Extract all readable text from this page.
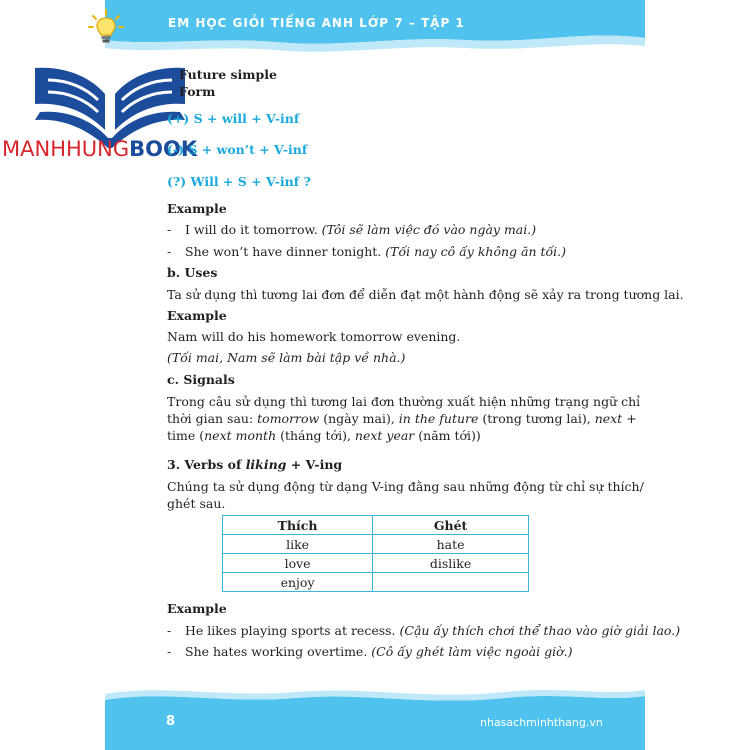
EM HỌC GIỎI TIẾNG ANH LỚP 7 – TẬP 1
MANHHUNGBOOK
Future simple
Form
(+) S + will + V-inf
(-) S + won’t + V-inf
(?) Will + S + V-inf ?
Example
- I will do it tomorrow. (Tôi sẽ làm việc đó vào ngày mai.)
- She won’t have dinner tonight. (Tối nay cô ấy không ăn tối.)
b. Uses
Ta sử dụng thì tương lai đơn để diễn đạt một hành động sẽ xảy ra trong tương lai.
Example
Nam will do his homework tomorrow evening.
(Tối mai, Nam sẽ làm bài tập về nhà.)
c. Signals
Trong câu sử dụng thì tương lai đơn thường xuất hiện những trạng ngữ chỉ
thời gian sau: tomorrow (ngày mai), in the future (trong tương lai), next +
time (next month (tháng tới), next year (năm tới))
3. Verbs of liking + V-ing
Chúng ta sử dụng động từ dạng V-ing đằng sau những động từ chỉ sự thích/
ghét sau.
Thích	Ghét
like	hate
love	dislike
enjoy	
Example
- He likes playing sports at recess. (Cậu ấy thích chơi thể thao vào giờ giải lao.)
- She hates working overtime. (Cô ấy ghét làm việc ngoài giờ.)
8	nhasachminhthang.vn
